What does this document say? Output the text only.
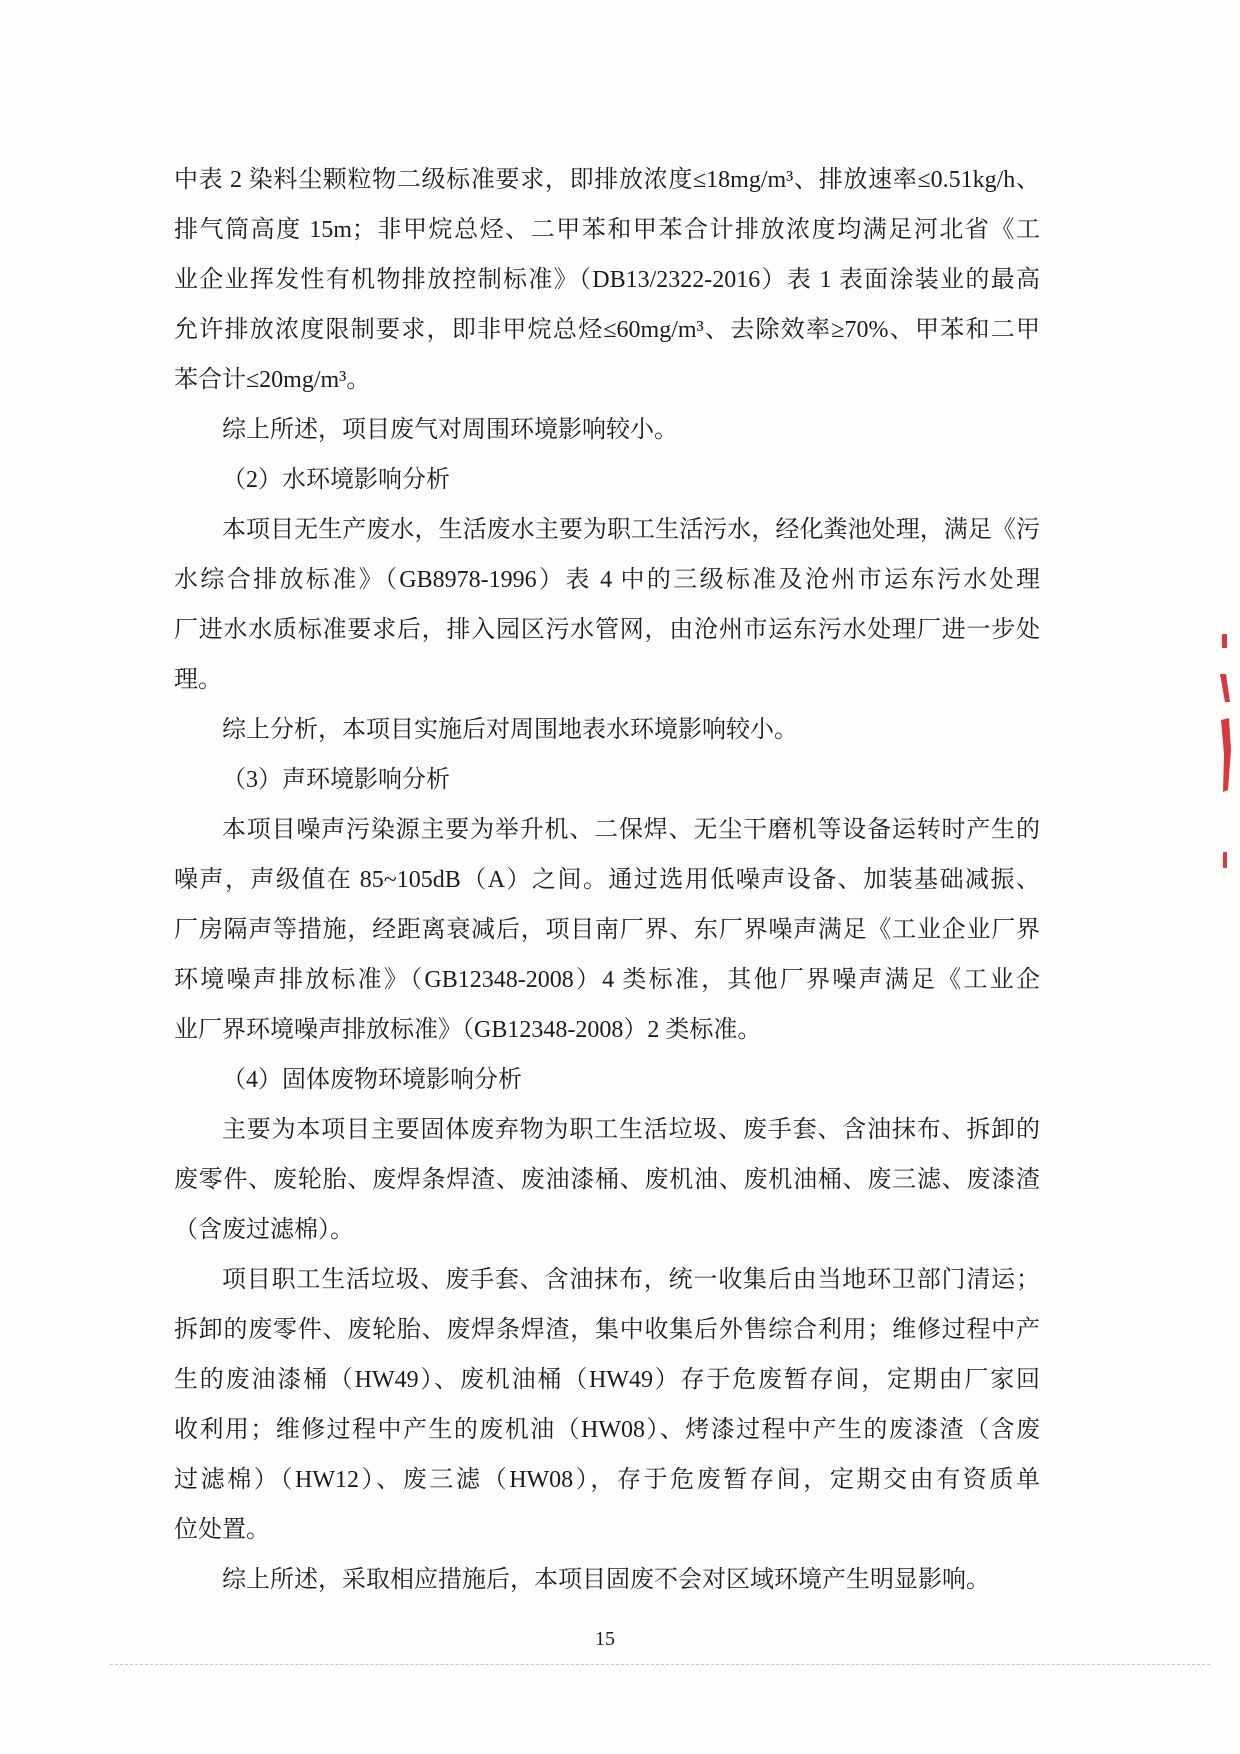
中表 2 染料尘颗粒物二级标准要求，即排放浓度≤18mg/m³、排放速率≤0.51kg/h、
排气筒高度 15m；非甲烷总烃、二甲苯和甲苯合计排放浓度均满足河北省《工
业企业挥发性有机物排放控制标准》（DB13/2322-2016）表 1 表面涂装业的最高
允许排放浓度限制要求，即非甲烷总烃≤60mg/m³、去除效率≥70%、甲苯和二甲
苯合计≤20mg/m³。
综上所述，项目废气对周围环境影响较小。
（2）水环境影响分析
本项目无生产废水，生活废水主要为职工生活污水，经化粪池处理，满足《污
水综合排放标准》（GB8978-1996）表 4 中的三级标准及沧州市运东污水处理
厂进水水质标准要求后，排入园区污水管网，由沧州市运东污水处理厂进一步处
理。
综上分析，本项目实施后对周围地表水环境影响较小。
（3）声环境影响分析
本项目噪声污染源主要为举升机、二保焊、无尘干磨机等设备运转时产生的
噪声，声级值在 85~105dB（A）之间。通过选用低噪声设备、加装基础减振、
厂房隔声等措施，经距离衰减后，项目南厂界、东厂界噪声满足《工业企业厂界
环境噪声排放标准》（GB12348-2008）4 类标准，其他厂界噪声满足《工业企
业厂界环境噪声排放标准》（GB12348-2008）2 类标准。
（4）固体废物环境影响分析
主要为本项目主要固体废弃物为职工生活垃圾、废手套、含油抹布、拆卸的
废零件、废轮胎、废焊条焊渣、废油漆桶、废机油、废机油桶、废三滤、废漆渣
（含废过滤棉）。
项目职工生活垃圾、废手套、含油抹布，统一收集后由当地环卫部门清运；
拆卸的废零件、废轮胎、废焊条焊渣，集中收集后外售综合利用；维修过程中产
生的废油漆桶（HW49）、废机油桶（HW49）存于危废暂存间，定期由厂家回
收利用；维修过程中产生的废机油（HW08）、烤漆过程中产生的废漆渣（含废
过滤棉）（HW12）、废三滤（HW08），存于危废暂存间，定期交由有资质单
位处置。
综上所述，采取相应措施后，本项目固废不会对区域环境产生明显影响。
15
